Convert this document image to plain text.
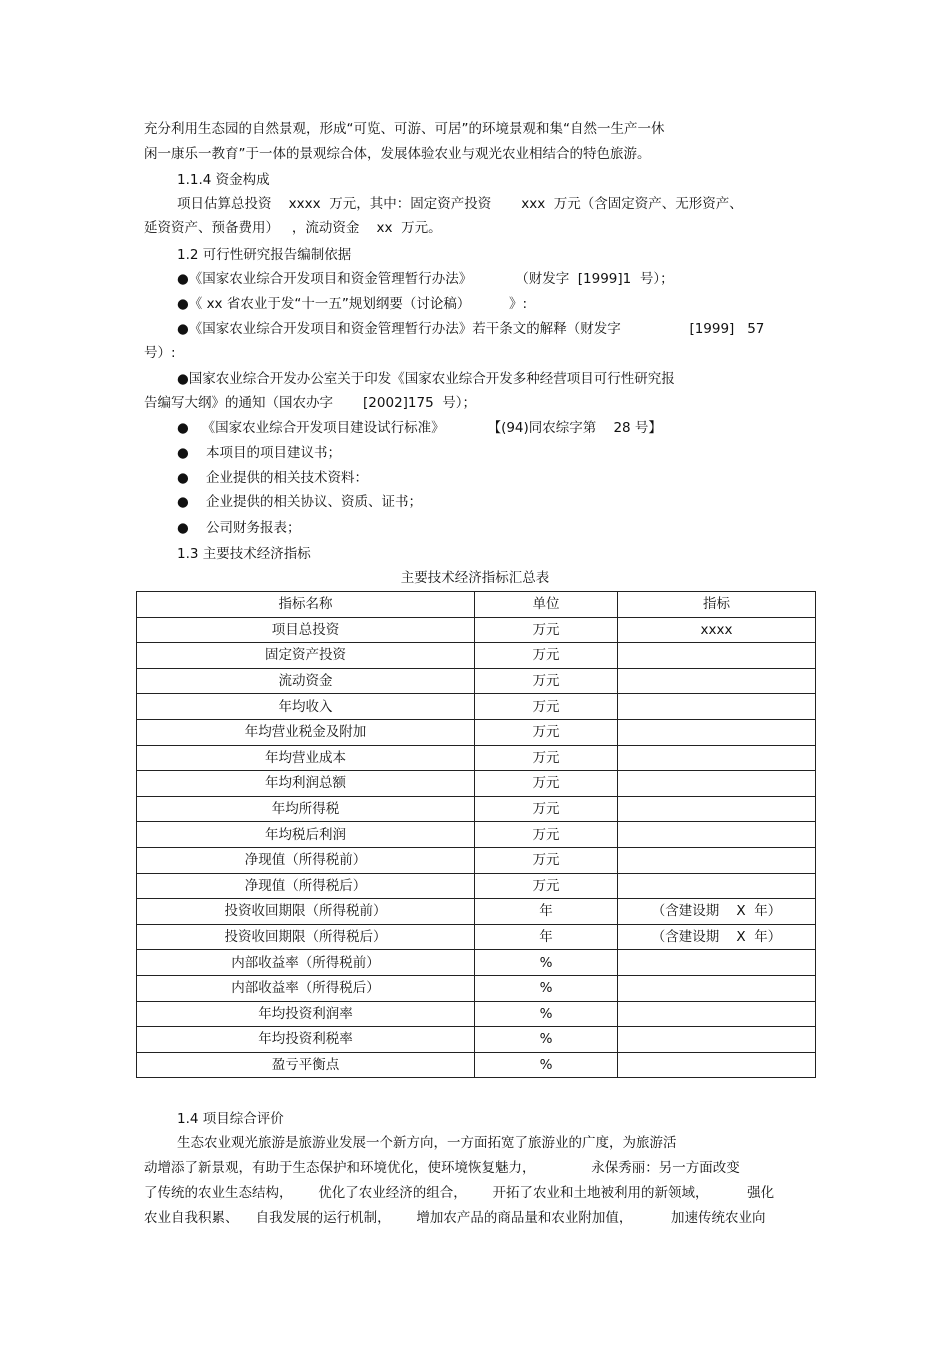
充分利用生态园的自然景观，形成“可览、可游、可居”的环境景观和集“自然一生产一休
闲一康乐一教育”于一体的景观综合体，发展体验农业与观光农业相结合的特色旅游。
1.1.4 资金构成
项日估算总投资    xxxx  万元，其中：固定资产投资       xxx  万元（含固定资产、无形资产、
延资资产、预备费用）   ，流动资金    xx  万元。
1.2 可行性研究报告编制依据
●《国家农业综合开发项目和资金管理暂行办法》          （财发字  [1999]1  号）；
●《 xx 省农业于发“十一五”规划纲要（讨论稿）         》:
●《国家农业综合开发项目和资金管理暂行办法》若干条文的解释（财发字                [1999]   57
号）:
●国家农业综合开发办公室关于印发《国家农业综合开发多种经营项目可行性研究报
告编写大纲》的通知（国农办字       [2002]175  号）；
●   《国家农业综合开发项目建设试行标准》          【(94)同农综字第    28 号】
●    本项目的项目建议书；
●    企业提供的相关技术资料：
●    企业提供的相关协议、资质、证书；
●    公司财务报表；
1.3 主要技术经济指标
主要技术经济指标汇总表
指标名称	单位	指标
项目总投资	万元	xxxx
固定资产投资	万元	
流动资金	万元	
年均收入	万元	
年均营业税金及附加	万元	
年均营业成本	万元	
年均利润总额	万元	
年均所得税	万元	
年均税后利润	万元	
净现值（所得税前）	万元	
净现值（所得税后）	万元	
投资收回期限（所得税前）	年	（含建设期    X  年）
投资收回期限（所得税后）	年	（含建设期    X  年）
内部收益率（所得税前）	%	
内部收益率（所得税后）	%	
年均投资利润率	%	
年均投资利税率	%	
盈亏平衡点	%	
1.4 项目综合评价
生态农业观光旅游是旅游业发展一个新方向，一方面拓宽了旅游业的广度，为旅游活
动增添了新景观，有助于生态保护和环境优化，使环境恢复魅力，             永保秀丽：另一方面改变
了传统的农业生态结构，      优化了农业经济的组合，      开拓了农业和土地被利用的新领域，         强化
农业自我积累、    自我发展的运行机制，      增加农产品的商品量和农业附加值，         加速传统农业向
